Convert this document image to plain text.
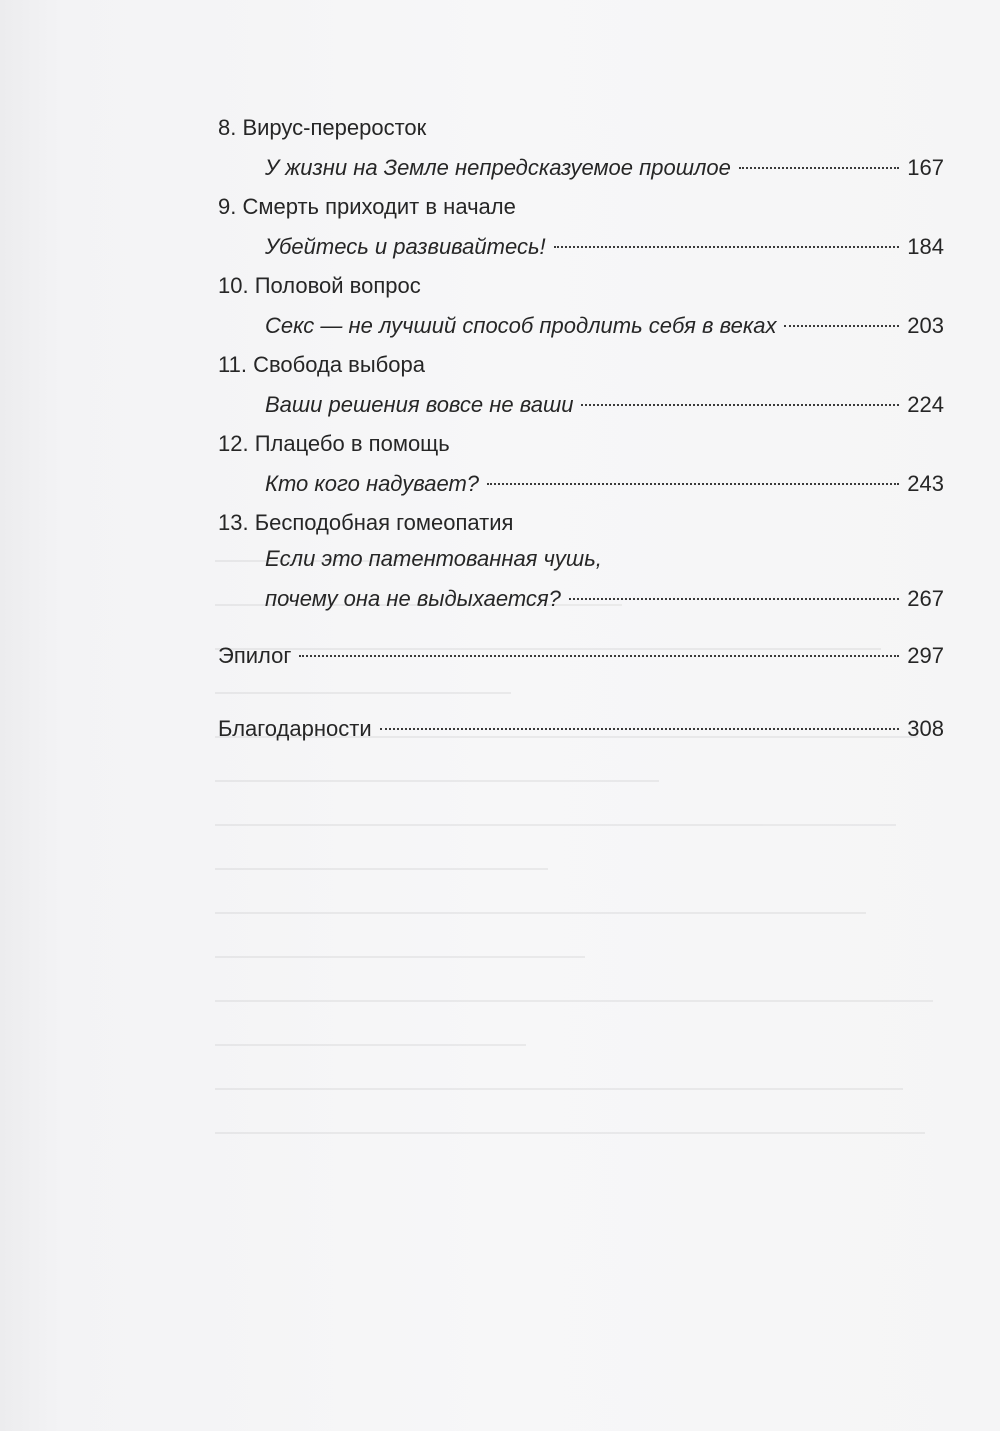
8. Вирус-переросток
У жизни на Земле непредсказуемое прошлое	167
9. Смерть приходит в начале
Убейтесь и развивайтесь!	184
10. Половой вопрос
Секс — не лучший способ продлить себя в веках	203
11. Свобода выбора
Ваши решения вовсе не ваши	224
12. Плацебо в помощь
Кто кого надувает?	243
13. Бесподобная гомеопатия
Если это патентованная чушь,
почему она не выдыхается?	267
Эпилог	297
Благодарности	308
